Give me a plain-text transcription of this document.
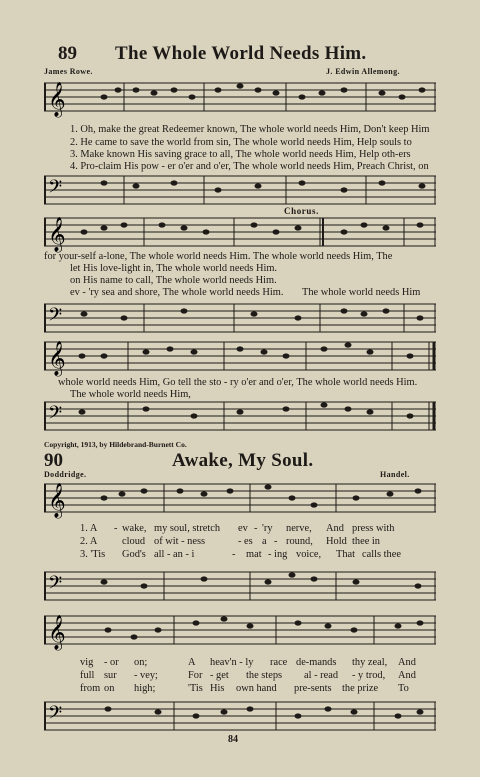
89 The Whole World Needs Him.
James Rowe.	J. Edwin Allemong.
𝄞
1. Oh, make the great Redeemer known, The whole world needs Him, Don't keep Him
2. He came to save the world from sin, The whole world needs Him, Help souls to
3. Make known His saving grace to all, The whole world needs Him, Help oth-ers
4. Pro-claim His pow - er o'er and o'er, The whole world needs Him, Preach Christ, on
𝄢
Chorus.
𝄞
for your-self a-lone, The whole world needs Him. The whole world needs Him, The
let His love-light in, The whole world needs Him.
on His name to call, The whole world needs Him.
ev - 'ry sea and shore, The whole world needs Him. The whole world needs Him
𝄢
𝄞
whole world needs Him, Go tell the sto - ry o'er and o'er, The whole world needs Him.
The whole world needs Him,
𝄢
Copyright, 1913, by Hildebrand-Burnett Co.
90	Awake, My Soul.
Doddridge.	Handel.
𝄞
1. A - wake, my soul, stretch ev - 'ry nerve, And press with
2. A cloud of wit - ness	- es a - round, Hold thee in
3. 'Tis God's all - an - i	- mat - ing voice, That calls thee
𝄢
𝄞
vig - or on;	A heav'n - ly race de-mands thy zeal, And
full sur - vey;	For - get the steps al - read - y trod, And
from on high;	'Tis His own hand pre-sents the prize To
𝄢
84
